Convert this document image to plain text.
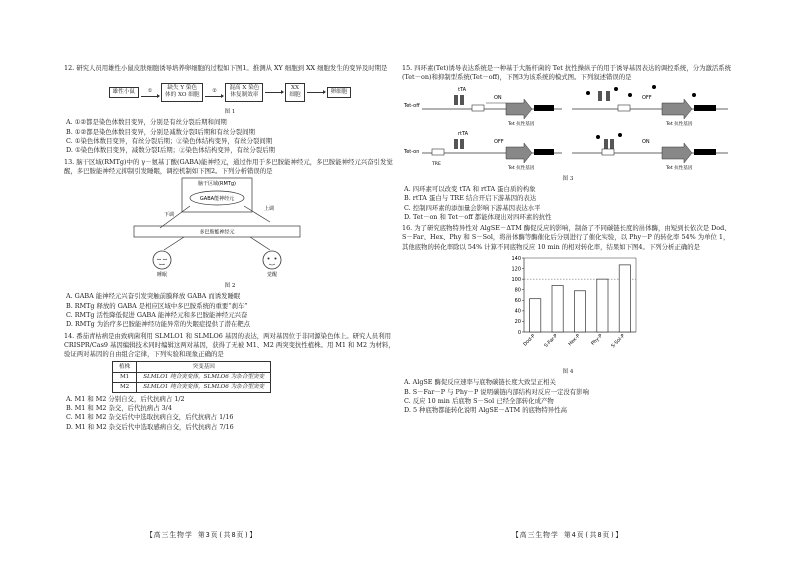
12. 研究人员用雄性小鼠皮肤细胞诱导培养卵细胞的过程如下图1。推测从 XY 细胞到 XX 细胞发生的变异及时期是
雄性小鼠	①
缺失 Y 染色
体的 XO 细胞
②
混高 X 染色
体复制效率
XX
细胞
卵细胞
图 1
A. ①②都是染色体数目变异，分别是有丝分裂后期和间期
B. ①②都是染色体数目变异，分别是减数分裂Ⅰ后期和有丝分裂间期
C. ①染色体数目变异，有丝分裂后期；②染色体结构变异，有丝分裂间期
D. ①染色体数目变异，减数分裂Ⅰ后期；②染色体结构变异，有丝分裂后期
13. 脑干区域(RMTg)中的 γ－氨基丁酸(GABA)能神经元，通过作用于多巴胺能神经元，多巴胺能神经元兴奋引发觉醒，多巴胺能神经元抑制引发睡眠，调控机制如下图2。下列分析错误的是
脑干区域(RMTg)
GABA能神经元
下调
上调
多巴胺能神经元
睡眠	觉醒
图 2
A. GABA 能神经元兴奋引发突触前膜释放 GABA 而诱发睡眠
B. RMTg 释放的 GABA 是相应区域中多巴胺系统的重要“刹车”
C. RMTg 活性降低促进 GABA 能神经元和多巴胺能神经元兴奋
D. RMTg 为治疗多巴胺能神经功能异常的失眠症提供了潜在靶点
14. 番茄青枯病是由致病菌利用 SLMLO1 和 SLMLO6 基因的表达，两对基因位于非同源染色体上。研究人员利用 CRISPR/Cas9 基因编辑技术同时编辑这两对基因，获得了无被 M1、M2 两突变抗性植株。用 M1 和 M2 为材料，验证两对基因的自由组合定律，下列实验和现象正确的是
植株	突变基因
M1	SLMLO1 纯合突变体，SLMLO6 为杂合型突变
M2	SLMLO1 纯合突变体，SLMLO6 为杂合型突变
A. M1 和 M2 分别自交，后代抗病占 1/2
B. M1 和 M2 杂交，后代抗病占 3/4
C. M1 和 M2 杂交后代中选取抗病自交，后代抗病占 1/16
D. M1 和 M2 杂交后代中选取感病自交，后代抗病占 7/16
15. 四环素(Tet)诱导表达系统是一种基于大肠杆菌的 Tet 抗性操纵子的用于诱导基因表达的调控系统，分为激活系统(Tet－on)和抑制型系统(Tet－off)，下图3为该系统的模式图。下列叙述错误的是
Tet-off
tTA
ON
Tet 抗性基因
OFF
Tet 抗性基因
Tet-on
rtTA
TRE
OFF
Tet 抗性基因
ON
Tet 抗性基因
图 3
A. 四环素可以改变 tTA 和 rtTA 蛋白质的构象
B. rtTA 蛋白与 TRE 结合开启下游基因的表达
C. 控制四环素的添加量会影响下游基因表达水平
D. Tet－on 和 Tet－off 都能体现出对四环素的抗性
16. 为了研究底物特异性对 AlgSE－ΔTM 酶促反应的影响，制备了不同碳链长度的甾体酶，由短到长依次是 Dod、S－Far、Hex、Phy 和 S－Sol，将甾体酶等酶催化后分别进行了催化实验，以 Phy－P 的转化率 54% 为单位 1，其他底物的转化率除以 54% 计算不同底物反应 10 min 的相对转化率，结果如下图4。下列分析正确的是
0
20
40
60
80
100
120
140
Dod-P S-Far-P Hex-P Phy-P S-Sol-P
图 4
A. AlgSE 酶促反应速率与底物碳链长度大致呈正相关
B. S－Far－P 与 Phy－P 说明碳链内部结构对反应一定没有影响
C. 反应 10 min 后底物 S－Sol 已经全部转化成产物
D. 5 种底物都能转化说明 AlgSE－ΔTM 的底物特异性高
【高三生物学 第3页(共8页)】	【高三生物学 第4页(共8页)】
